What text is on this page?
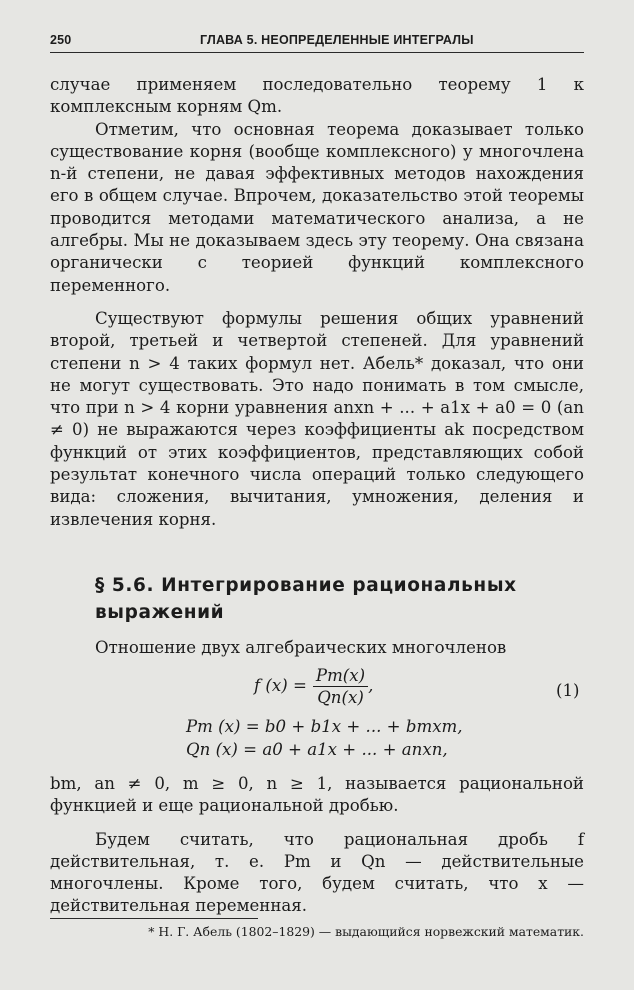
250	ГЛАВА 5. НЕОПРЕДЕЛЕННЫЕ ИНТЕГРАЛЫ

случае применяем последовательно теорему 1 к комплексным корням Qm.

Отметим, что основная теорема доказывает только существование корня (вообще комплексного) у многочлена n-й степени, не давая эффективных методов нахождения его в общем случае. Впрочем, доказательство этой теоремы проводится методами математического анализа, а не алгебры. Мы не доказываем здесь эту теорему. Она связана органически с теорией функций комплексного переменного.

Существуют формулы решения общих уравнений второй, третьей и четвертой степеней. Для уравнений степени n > 4 таких формул нет. Абель* доказал, что они не могут существовать. Это надо понимать в том смысле, что при n > 4 корни уравнения anxn + ... + a1x + a0 = 0 (an ≠ 0) не выражаются через коэффициенты ak посредством функций от этих коэффициентов, представляющих собой результат конечного числа операций только следующего вида: сложения, вычитания, умножения, деления и извлечения корня.

§ 5.6. Интегрирование рациональных выражений

Отношение двух алгебраических многочленов

f $(x) = \frac{Pm(x)}{Qn(x)}$ ,	(1)
Pm (x) = b0 + b1x + ... + bmxm,
Qn (x) = a0 + a1x + ... + anxn,

bm, an ≠ 0, m ≥ 0, n ≥ 1, называется рациональной функцией и еще рациональной дробью.

Будем считать, что рациональная дробь f действительная, т. е. Pm и Qn — действительные многочлены. Кроме того, будем считать, что x — действительная переменная.

* Н. Г. Абель (1802–1829) — выдающийся норвежский математик.
